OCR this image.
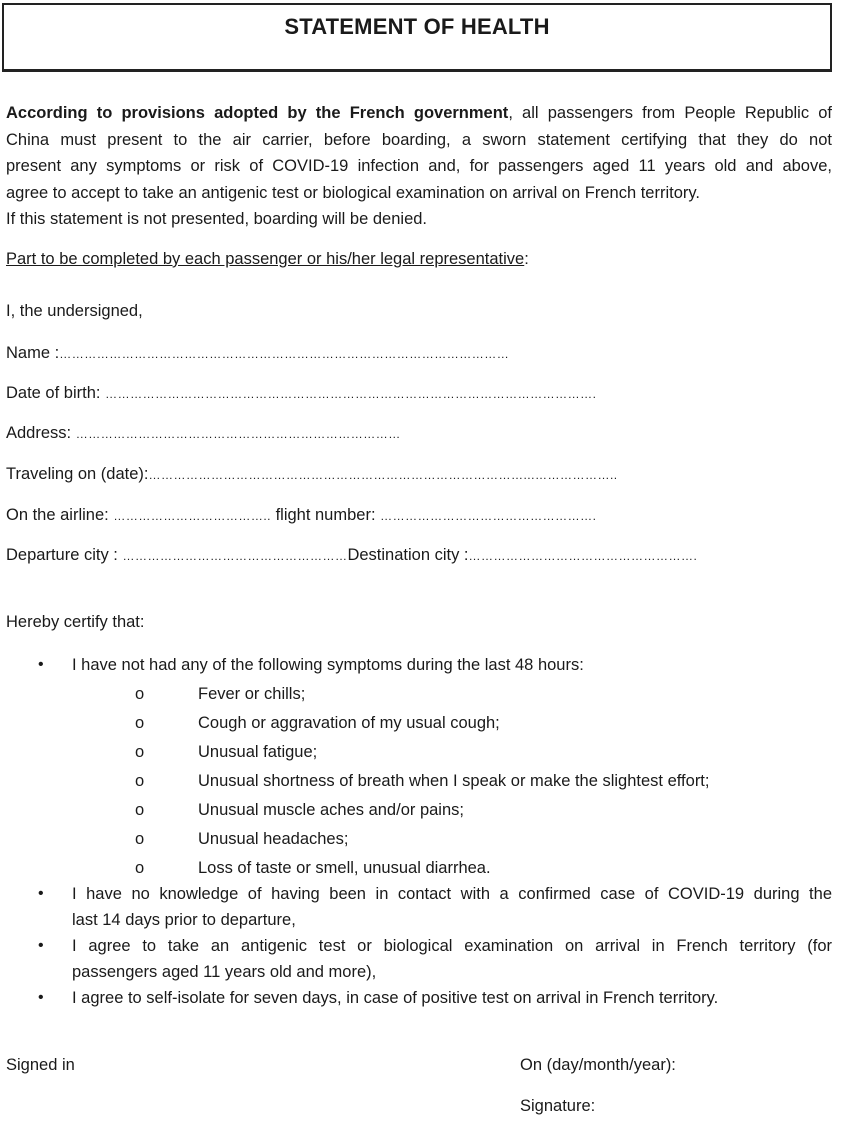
STATEMENT OF HEALTH
According to provisions adopted by the French government, all passengers from People Republic of
China must present to the air carrier, before boarding, a sworn statement certifying that they do not
present any symptoms or risk of COVID-19 infection and, for passengers aged 11 years old and above,
agree to accept to take an antigenic test or biological examination on arrival on French territory.
If this statement is not presented, boarding will be denied.
Part to be completed by each passenger or his/her legal representative:
I, the undersigned,
Name :………………………………………………………………………………………………
Date of birth: ……………………………………………………………………………………………………….
Address: ……………………………………………………………………
Traveling on (date):………………………………………………………………………………...………………..
On the airline: ……………………………….. flight number: …………………………………………….
Departure city : ………………………………………………Destination city :……………………………………………….
Hereby certify that:
• I have not had any of the following symptoms during the last 48 hours:
o	Fever or chills;
o	Cough or aggravation of my usual cough;
o	Unusual fatigue;
o	Unusual shortness of breath when I speak or make the slightest effort;
o	Unusual muscle aches and/or pains;
o	Unusual headaches;
o	Loss of taste or smell, unusual diarrhea.
• I have no knowledge of having been in contact with a confirmed case of COVID-19 during the
last 14 days prior to departure,
• I agree to take an antigenic test or biological examination on arrival in French territory (for
passengers aged 11 years old and more),
• I agree to self-isolate for seven days, in case of positive test on arrival in French territory.
Signed in	On (day/month/year):
Signature:
